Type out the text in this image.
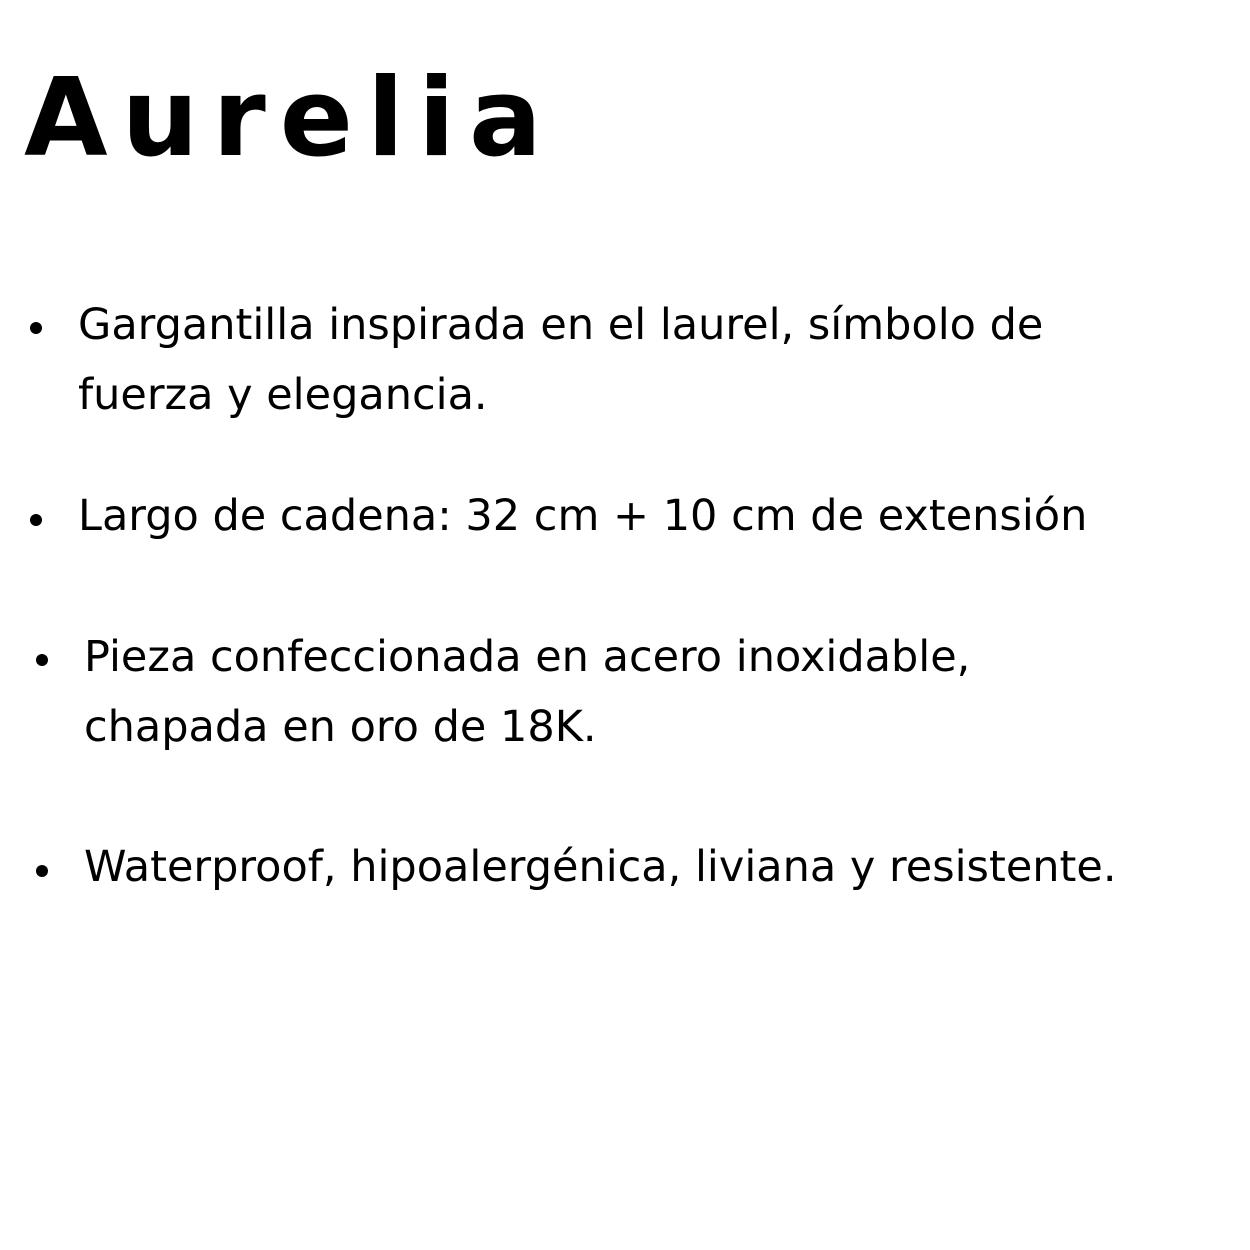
Aurelia
Gargantilla inspirada en el laurel, símbolo de
fuerza y elegancia.
Largo de cadena: 32 cm + 10 cm de extensión
Pieza confeccionada en acero inoxidable,
chapada en oro de 18K.
Waterproof, hipoalergénica, liviana y resistente.
